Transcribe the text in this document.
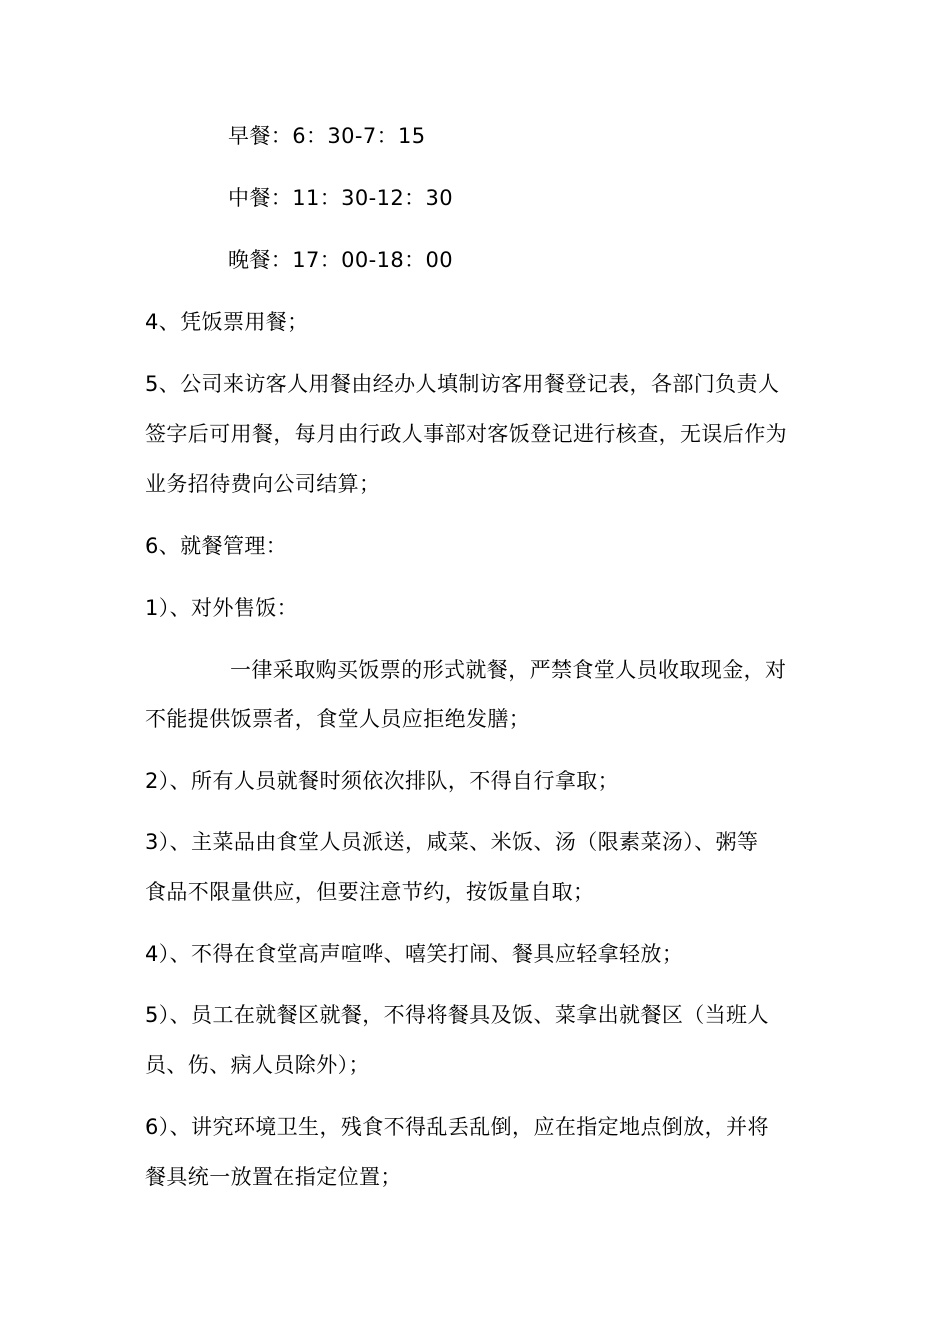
早餐：6：30-7：15
中餐：11：30-12：30
晚餐：17：00-18：00
4、凭饭票用餐；
5、公司来访客人用餐由经办人填制访客用餐登记表，各部门负责人
签字后可用餐，每月由行政人事部对客饭登记进行核查，无误后作为
业务招待费向公司结算；
6、就餐管理：
1）、对外售饭：
一律采取购买饭票的形式就餐，严禁食堂人员收取现金，对
不能提供饭票者，食堂人员应拒绝发膳；
2）、所有人员就餐时须依次排队，不得自行拿取；
3）、主菜品由食堂人员派送，咸菜、米饭、汤（限素菜汤）、粥等
食品不限量供应，但要注意节约，按饭量自取；
4）、不得在食堂高声喧哗、嘻笑打闹、餐具应轻拿轻放；
5）、员工在就餐区就餐，不得将餐具及饭、菜拿出就餐区（当班人
员、伤、病人员除外）；
6）、讲究环境卫生，残食不得乱丢乱倒，应在指定地点倒放，并将
餐具统一放置在指定位置；
